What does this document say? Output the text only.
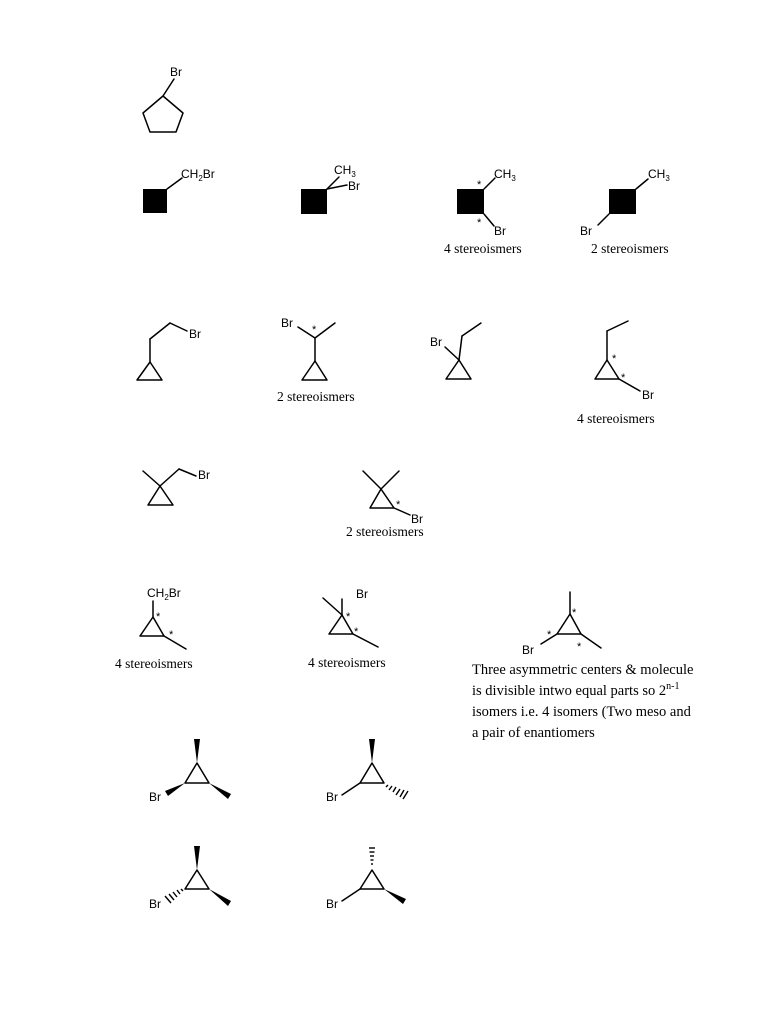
Br
$CH_2Br$	$CH_3$
Br
$CH_3$
Br
*
*
4 stereoismers
$CH_3$
Br
2 stereoismers
Br
Br *
2 stereoismers
Br
Br
*
*
4 stereoismers
Br
Br
*
2 stereoismers
$CH_2Br$
*
*
4 stereoismers
Br
*
*
4 stereoismers
Br
*
*
*
Three asymmetric centers & molecule
is divisible intwo equal parts so 2$^{n-1}$
isomers i.e. 4 isomers (Two meso and
a pair of enantiomers
Br	Br
Br	Br
